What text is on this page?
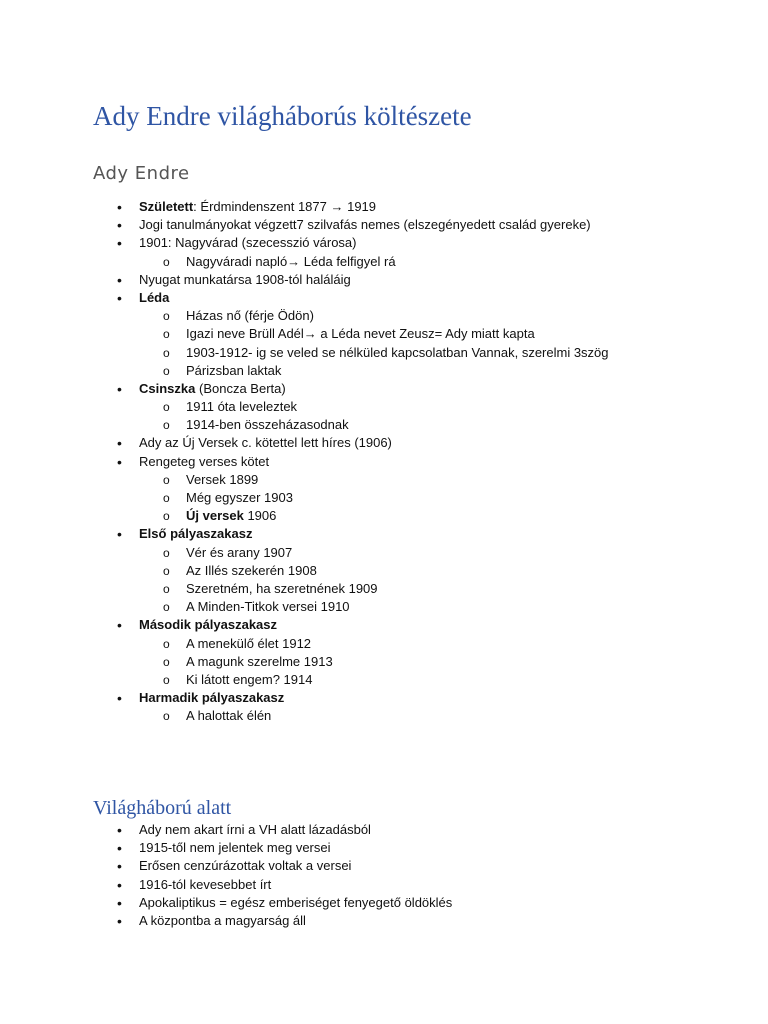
Ady Endre világháborús költészete
Ady Endre
• Született: Érdmindenszent 1877 → 1919
• Jogi tanulmányokat végzett7 szilvafás nemes (elszegényedett család gyereke)
• 1901: Nagyvárad (szecesszió városa)
o Nagyváradi napló→ Léda felfigyel rá
• Nyugat munkatársa 1908-tól haláláig
• Léda
o Házas nő (férje Ödön)
o Igazi neve Brüll Adél→ a Léda nevet Zeusz= Ady miatt kapta
o 1903-1912- ig se veled se nélküled kapcsolatban Vannak, szerelmi 3szög
o Párizsban laktak
• Csinszka (Boncza Berta)
o 1911 óta leveleztek
o 1914-ben összeházasodnak
• Ady az Új Versek c. kötettel lett híres (1906)
• Rengeteg verses kötet
o Versek 1899
o Még egyszer 1903
o Új versek 1906
• Első pályaszakasz
o Vér és arany 1907
o Az Illés szekerén 1908
o Szeretném, ha szeretnének 1909
o A Minden-Titkok versei 1910
• Második pályaszakasz
o A menekülő élet 1912
o A magunk szerelme 1913
o Ki látott engem? 1914
• Harmadik pályaszakasz
o A halottak élén
Világháború alatt
• Ady nem akart írni a VH alatt lázadásból
• 1915-től nem jelentek meg versei
• Erősen cenzúrázottak voltak a versei
• 1916-tól kevesebbet írt
• Apokaliptikus = egész emberiséget fenyegető öldöklés
• A központba a magyarság áll
